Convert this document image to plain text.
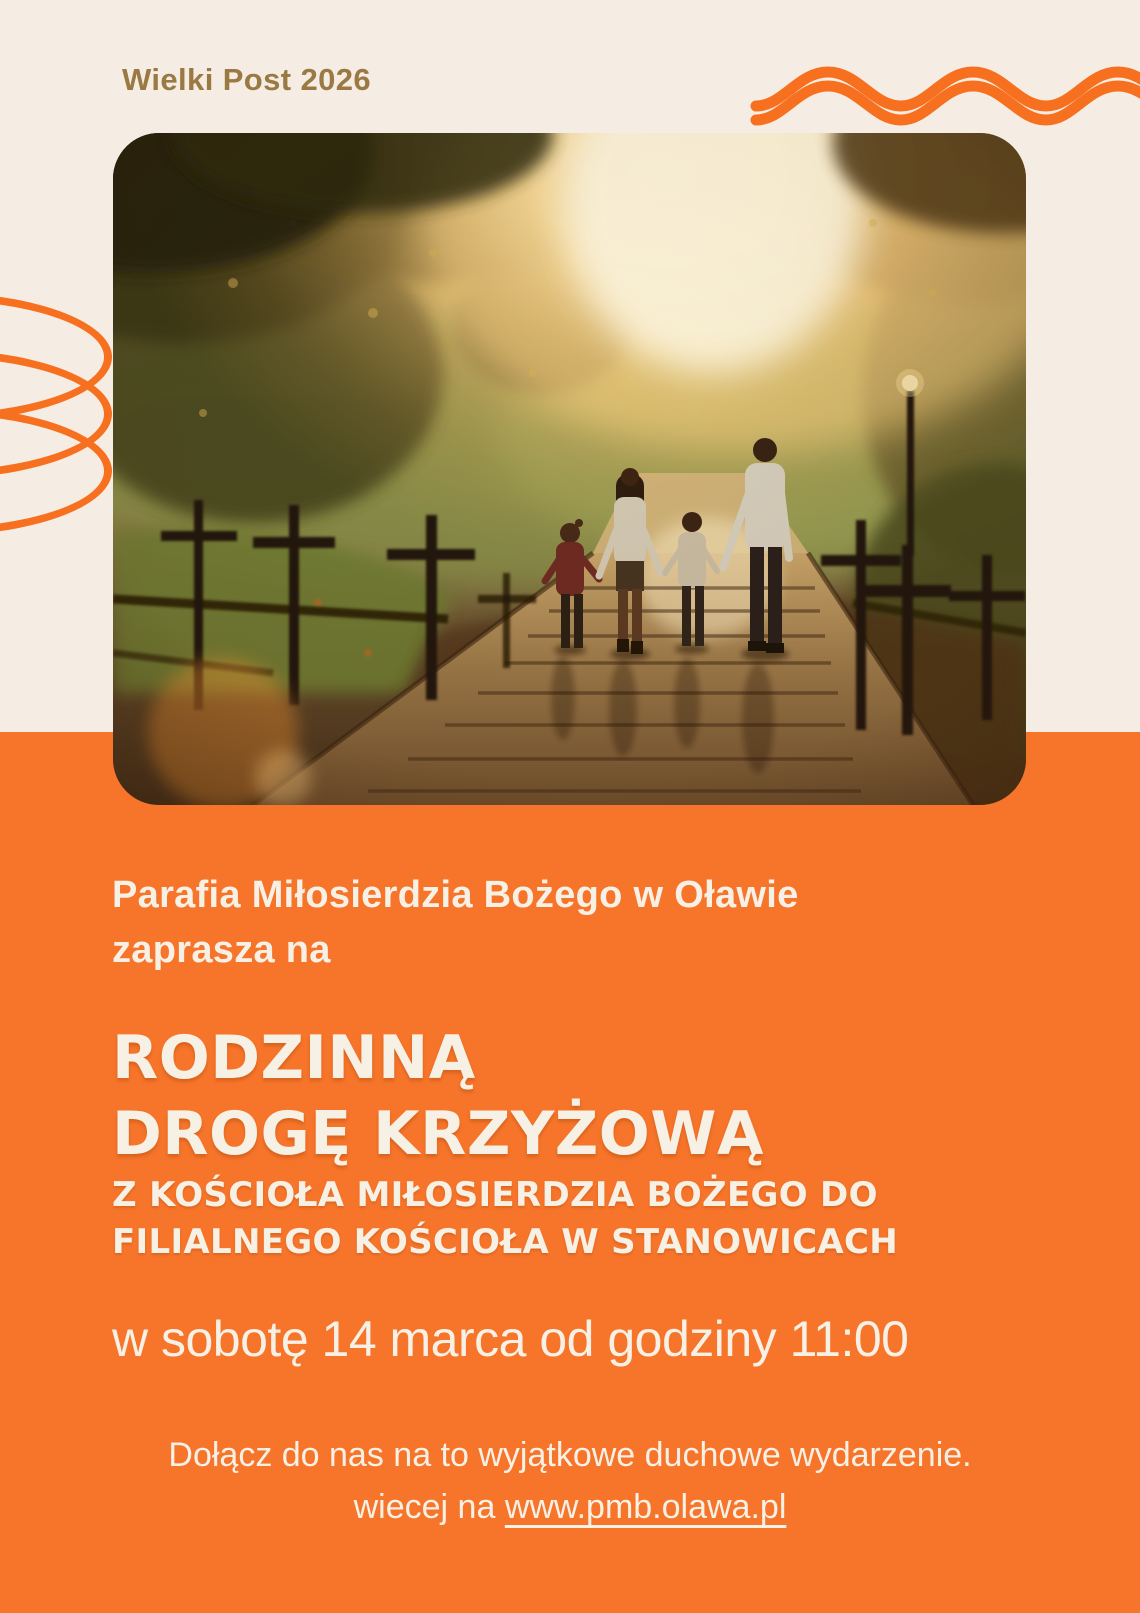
Wielki Post 2026
Parafia Miłosierdzia Bożego w Oławie
zaprasza na
RODZINNĄ
DROGĘ KRZYŻOWĄ
Z KOŚCIOŁA MIŁOSIERDZIA BOŻEGO DO
FILIALNEGO KOŚCIOŁA W STANOWICACH
w sobotę 14 marca od godziny 11:00
Dołącz do nas na to wyjątkowe duchowe wydarzenie.
wiecej na www.pmb.olawa.pl
